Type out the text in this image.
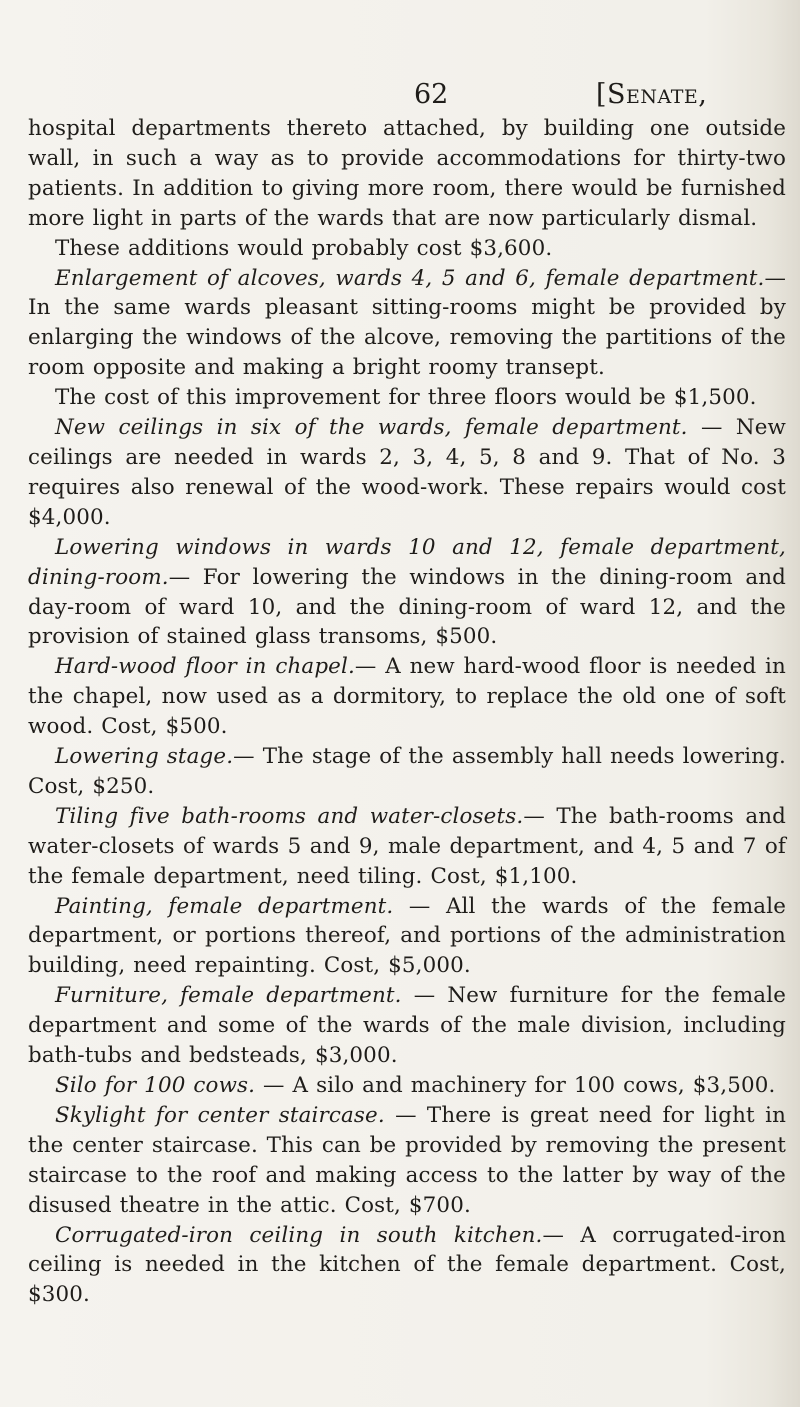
62	[Senate,

hospital departments thereto attached, by building one outside wall, in such a way as to provide accommodations for thirty-two patients. In addition to giving more room, there would be furnished more light in parts of the wards that are now particularly dismal.

These additions would probably cost $3,600.

Enlargement of alcoves, wards 4, 5 and 6, female department.— In the same wards pleasant sitting-rooms might be provided by enlarging the windows of the alcove, removing the partitions of the room opposite and making a bright roomy transept.

The cost of this improvement for three floors would be $1,500.

New ceilings in six of the wards, female department. — New ceilings are needed in wards 2, 3, 4, 5, 8 and 9. That of No. 3 requires also renewal of the wood-work. These repairs would cost $4,000.

Lowering windows in wards 10 and 12, female department, dining-room.— For lowering the windows in the dining-room and day-room of ward 10, and the dining-room of ward 12, and the provision of stained glass transoms, $500.

Hard-wood floor in chapel.— A new hard-wood floor is needed in the chapel, now used as a dormitory, to replace the old one of soft wood. Cost, $500.

Lowering stage.— The stage of the assembly hall needs lowering. Cost, $250.

Tiling five bath-rooms and water-closets.— The bath-rooms and water-closets of wards 5 and 9, male department, and 4, 5 and 7 of the female department, need tiling. Cost, $1,100.

Painting, female department. — All the wards of the female department, or portions thereof, and portions of the administration building, need repainting. Cost, $5,000.

Furniture, female department. — New furniture for the female department and some of the wards of the male division, including bath-tubs and bedsteads, $3,000.

Silo for 100 cows. — A silo and machinery for 100 cows, $3,500.

Skylight for center staircase. — There is great need for light in the center staircase. This can be provided by removing the present staircase to the roof and making access to the latter by way of the disused theatre in the attic. Cost, $700.

Corrugated-iron ceiling in south kitchen.— A corrugated-iron ceiling is needed in the kitchen of the female department. Cost, $300.
